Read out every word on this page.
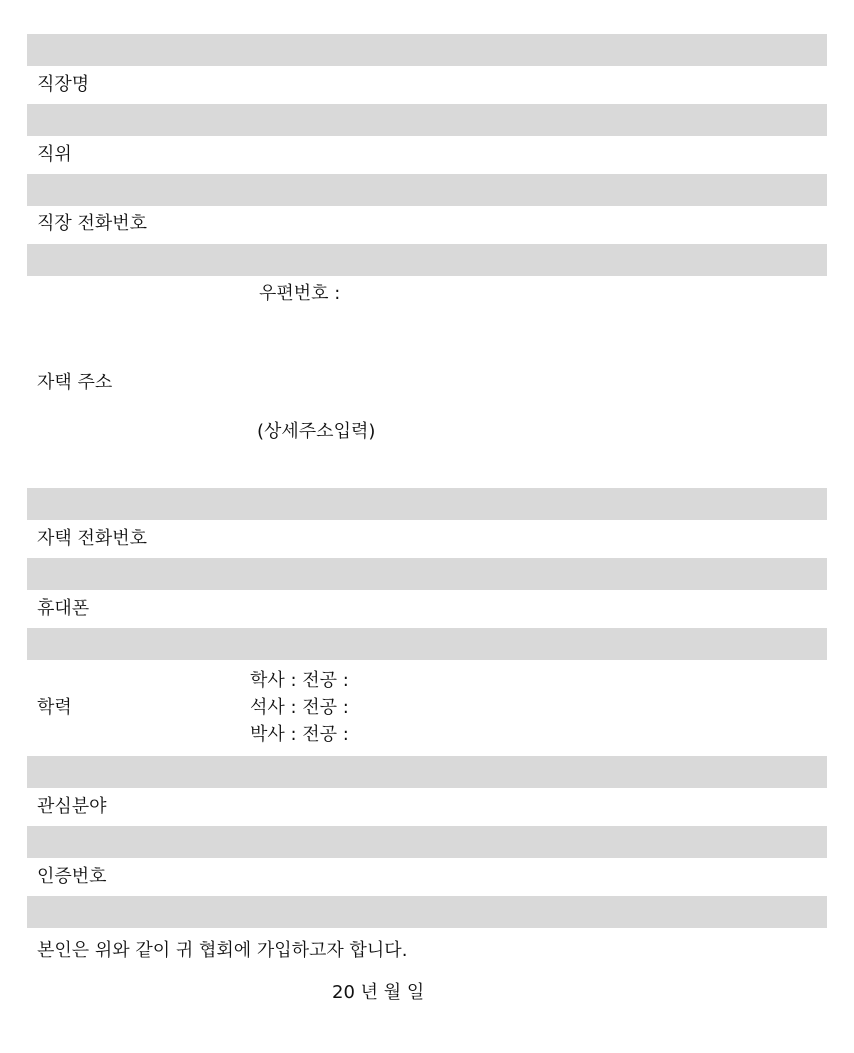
직장명
직위
직장 전화번호
우편번호 :
자택 주소
(상세주소입력)
자택 전화번호
휴대폰
학사 : 전공 :
학력	석사 : 전공 :
박사 : 전공 :
관심분야
인증번호
본인은 위와 같이 귀 협회에 가입하고자 합니다.
20 년 월 일
